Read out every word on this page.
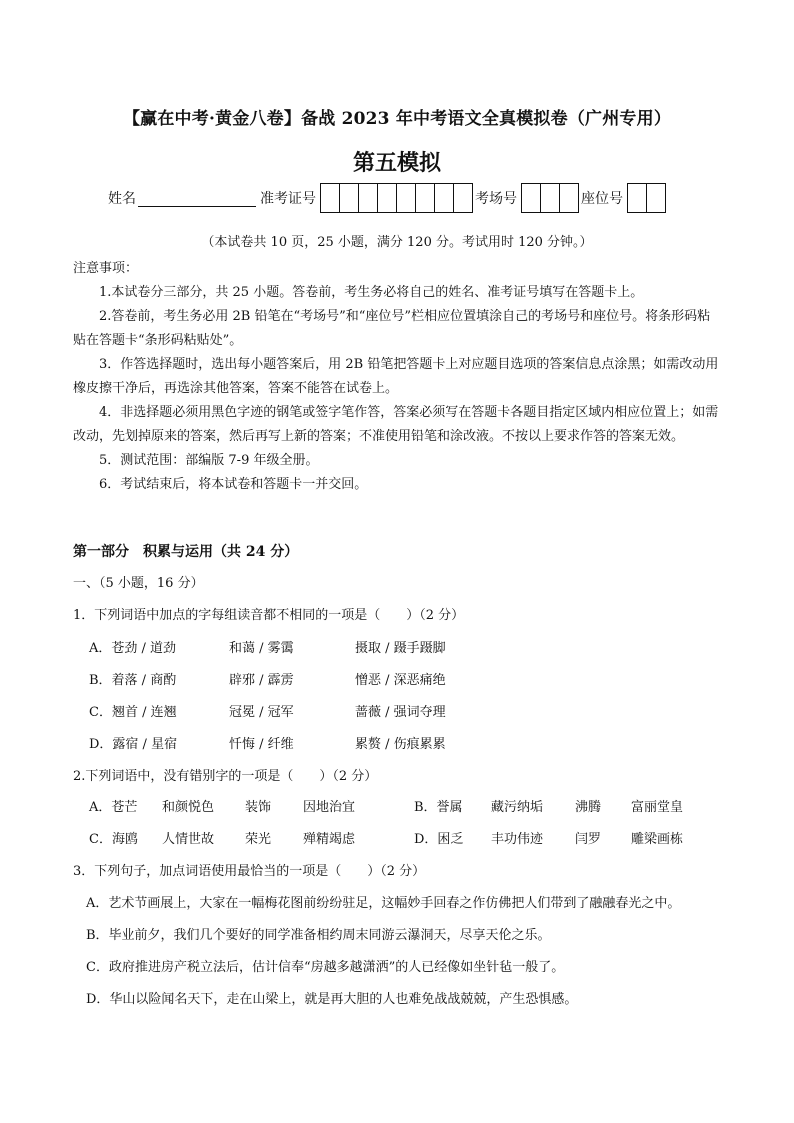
【赢在中考·黄金八卷】备战 2023 年中考语文全真模拟卷（广州专用）
第五模拟
姓名	准考证号	考场号	座位号
（本试卷共 10 页，25 小题，满分 120 分。考试用时 120 分钟。）

注意事项：

1.本试卷分三部分，共 25 小题。答卷前，考生务必将自己的姓名、准考证号填写在答题卡上。

2.答卷前，考生务必用 2B 铅笔在“考场号”和“座位号”栏相应位置填涂自己的考场号和座位号。将条形码粘贴在答题卡“条形码粘贴处”。

3．作答选择题时，选出每小题答案后，用 2B 铅笔把答题卡上对应题目选项的答案信息点涂黑；如需改动用橡皮擦干净后，再选涂其他答案，答案不能答在试卷上。

4．非选择题必须用黑色字迹的钢笔或签字笔作答，答案必须写在答题卡各题目指定区域内相应位置上；如需改动，先划掉原来的答案，然后再写上新的答案；不准使用铅笔和涂改液。不按以上要求作答的答案无效。

5．测试范围：部编版 7-9 年级全册。

6．考试结束后，将本试卷和答题卡一并交回。

第一部分　积累与运用（共 24 分）
一、（5 小题，16 分）
1．下列词语中加点的字每组读音都不相同的一项是（　　）（2 分）
A．苍劲 / 道劲	和蔼 / 雾霭	摄取 / 蹑手蹑脚
B．着落 / 商酌	辟邪 / 霹雳	憎恶 / 深恶痛绝
C．翘首 / 连翘	冠冕 / 冠军	蔷薇 / 强词夺理
D．露宿 / 星宿	忏悔 / 纤维	累赘 / 伤痕累累
2.下列词语中，没有错别字的一项是（　　）（2 分）
A．苍芒 和颜悦色 装饰 因地治宜	B．誉属 藏污纳垢 沸腾 富丽堂皇
C．海鸥 人情世故 荣光 殚精竭虑	D．困乏 丰功伟迹 闫罗 雕梁画栋
3．下列句子，加点词语使用最恰当的一项是（　　）（2 分）
A．艺术节画展上，大家在一幅梅花图前纷纷驻足，这幅妙手回春之作仿佛把人们带到了融融春光之中。
B．毕业前夕，我们几个要好的同学准备相约周末同游云瀑洞天，尽享天伦之乐。
C．政府推进房产税立法后，估计信奉“房越多越潇洒”的人已经像如坐针毡一般了。
D．华山以险闻名天下，走在山梁上，就是再大胆的人也难免战战兢兢，产生恐惧感。
